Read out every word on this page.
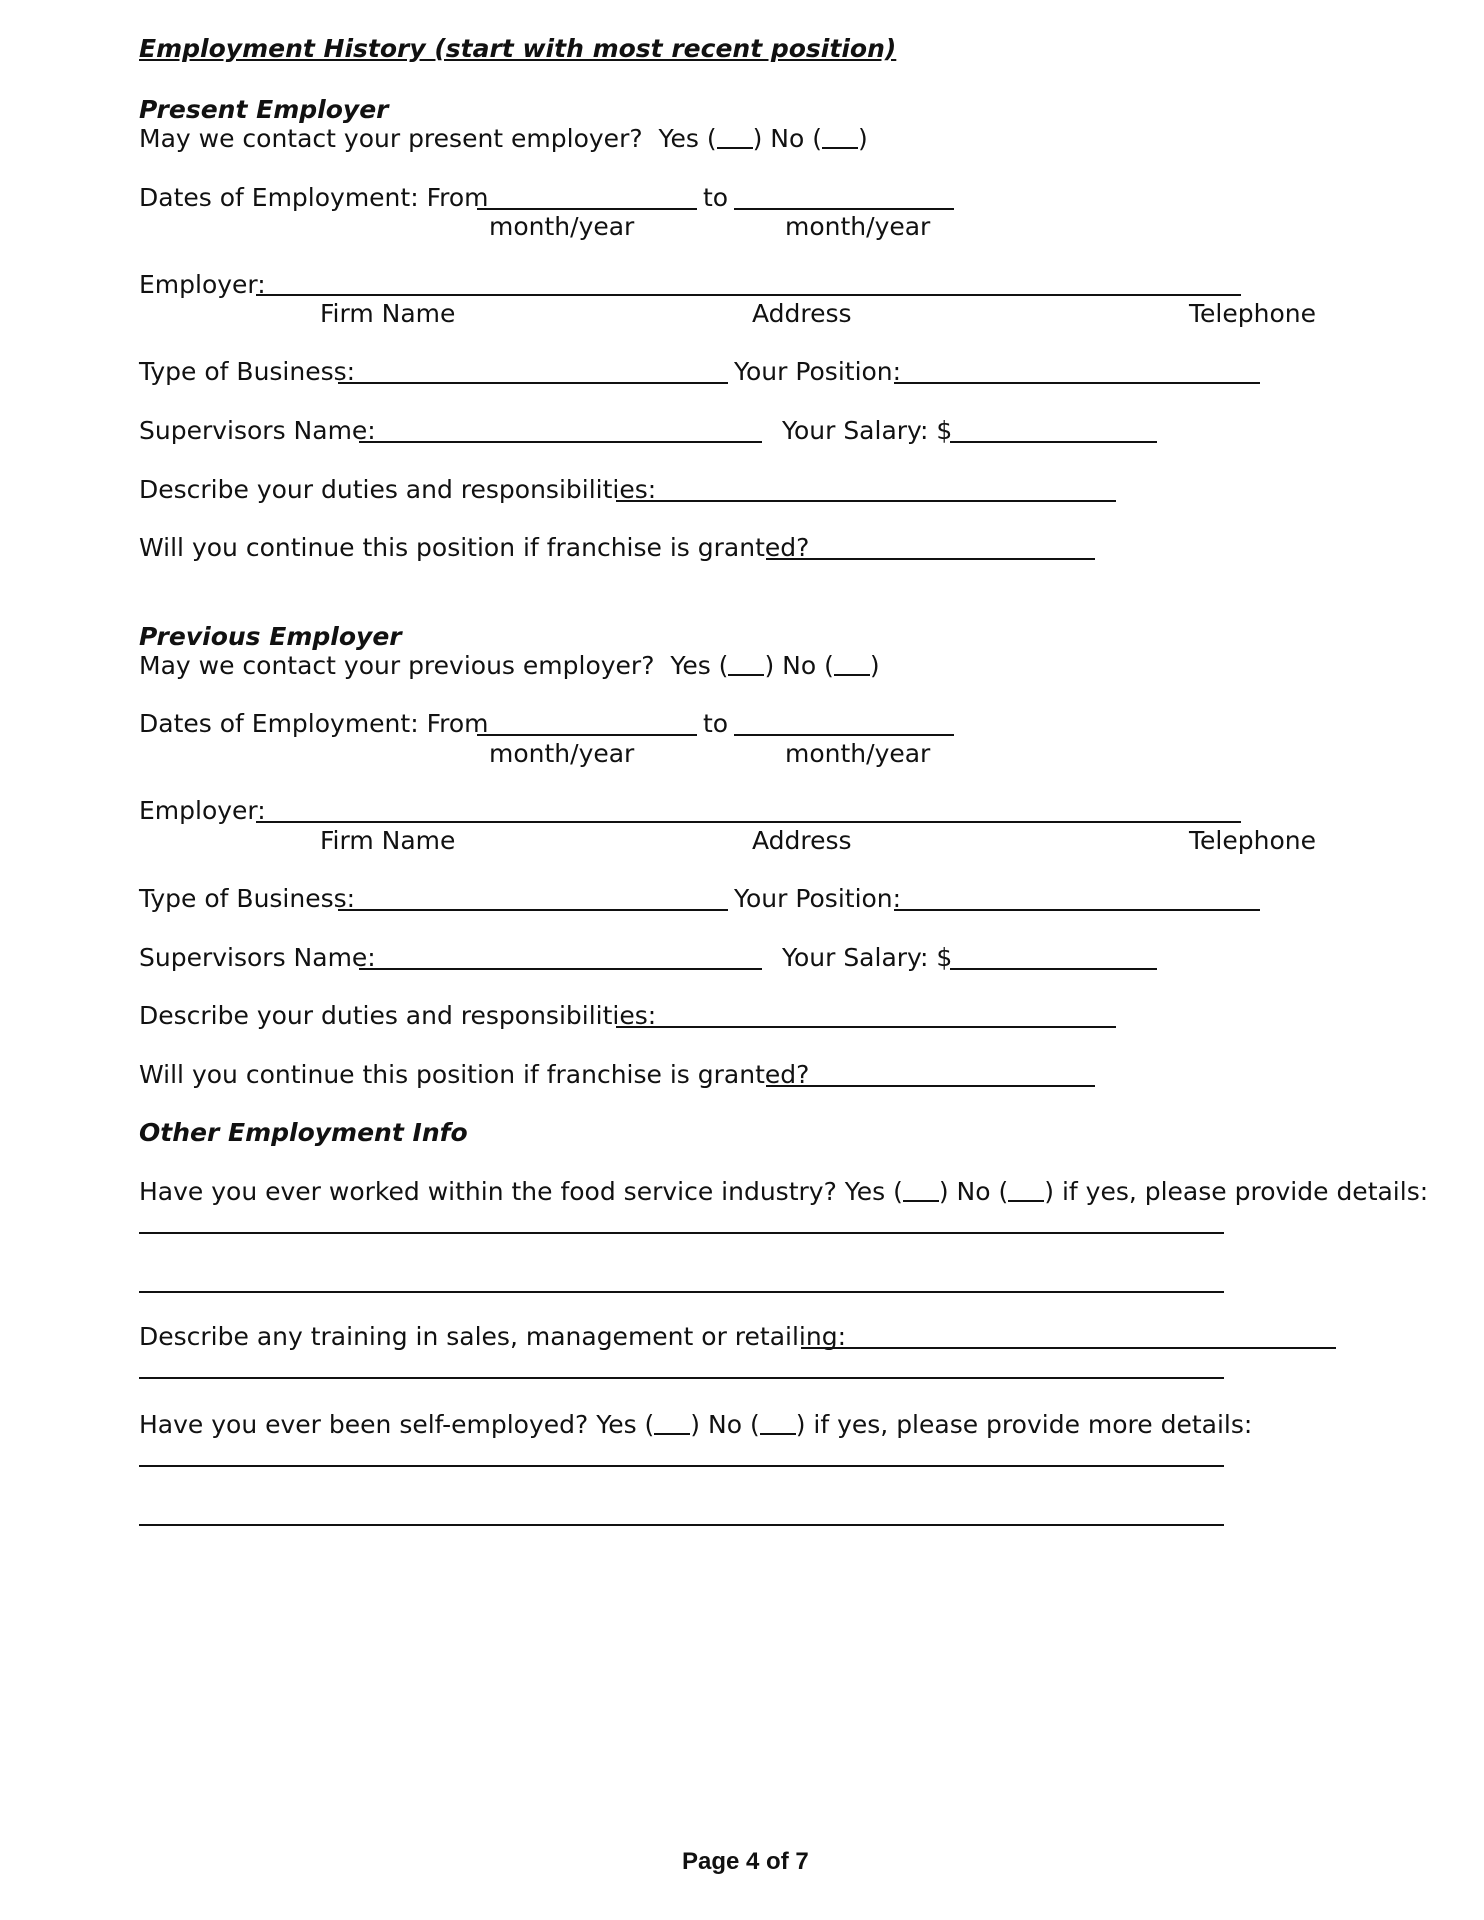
Employment History (start with most recent position)
Present Employer
May we contact your present employer? Yes ( ) No ( )
Dates of Employment: From	to
month/year	month/year
Employer:
Firm Name	Address	Telephone
Type of Business:	Your Position:
Supervisors Name:	Your Salary: $
Describe your duties and responsibilities:
Will you continue this position if franchise is granted?
Previous Employer
May we contact your previous employer? Yes ( ) No ( )
Dates of Employment: From	to
month/year	month/year
Employer:
Firm Name	Address	Telephone
Type of Business:	Your Position:
Supervisors Name:	Your Salary: $
Describe your duties and responsibilities:
Will you continue this position if franchise is granted?
Other Employment Info
Have you ever worked within the food service industry? Yes ( ) No ( ) if yes, please provide details:
Describe any training in sales, management or retailing:
Have you ever been self-employed? Yes ( ) No ( ) if yes, please provide more details:
Page 4 of 7
